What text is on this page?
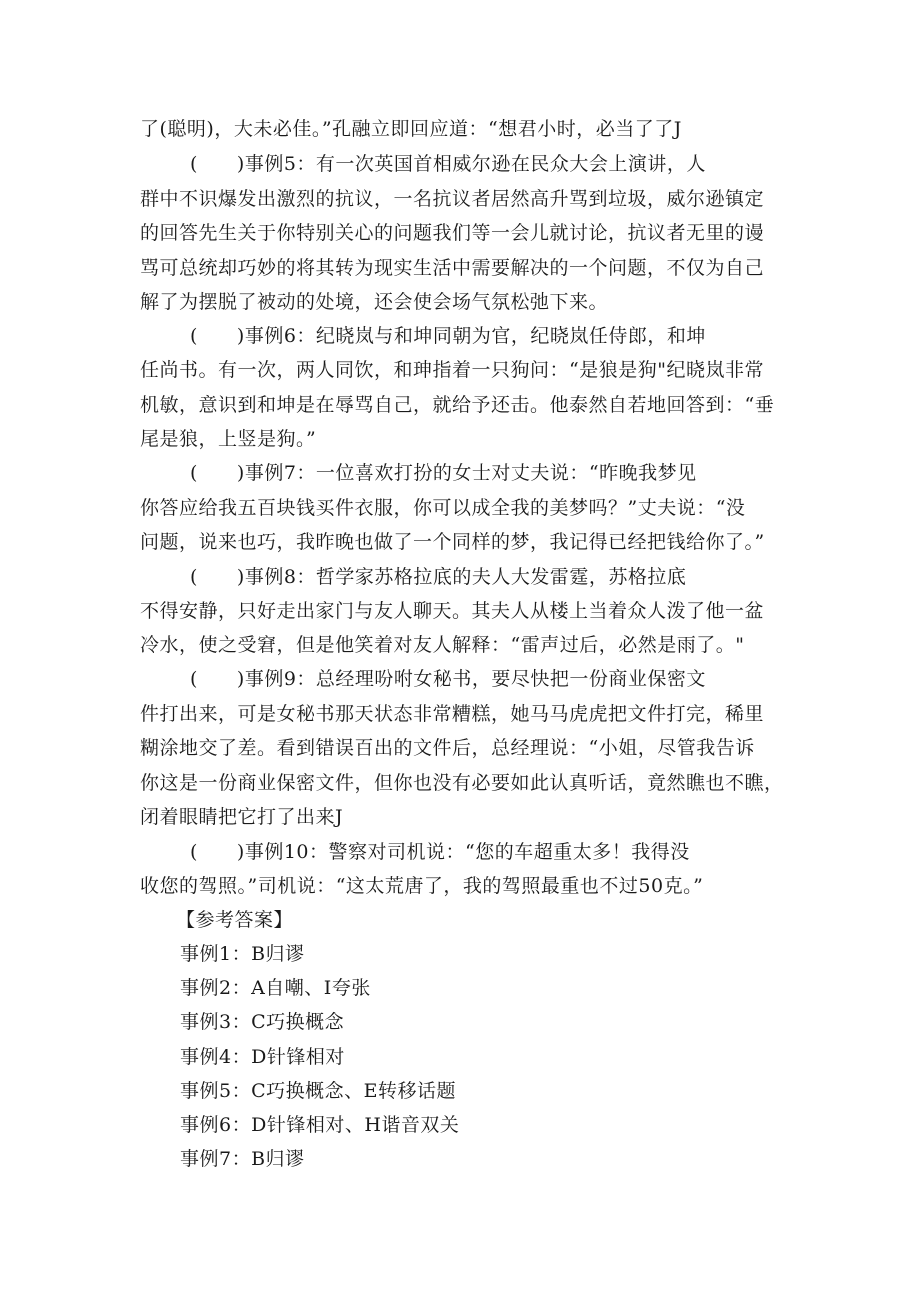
了(聪明)，大未必佳。”孔融立即回应道：“想君小时，必当了了J
(　　)事例5：有一次英国首相威尔逊在民众大会上演讲，人
群中不识爆发出激烈的抗议，一名抗议者居然高升骂到垃圾，威尔逊镇定
的回答先生关于你特别关心的问题我们等一会儿就讨论，抗议者无里的谩
骂可总统却巧妙的将其转为现实生活中需要解决的一个问题，不仅为自己
解了为摆脱了被动的处境，还会使会场气氛松弛下来。
(　　)事例6：纪晓岚与和坤同朝为官，纪晓岚任侍郎，和坤
任尚书。有一次，两人同饮，和珅指着一只狗问：“是狼是狗"纪晓岚非常
机敏，意识到和坤是在辱骂自己，就给予还击。他泰然自若地回答到：“垂
尾是狼，上竖是狗。”
(　　)事例7：一位喜欢打扮的女士对丈夫说：“昨晚我梦见
你答应给我五百块钱买件衣服，你可以成全我的美梦吗？”丈夫说：“没
问题，说来也巧，我昨晚也做了一个同样的梦，我记得已经把钱给你了。”
(　　)事例8：哲学家苏格拉底的夫人大发雷霆，苏格拉底
不得安静，只好走出家门与友人聊天。其夫人从楼上当着众人泼了他一盆
冷水，使之受窘，但是他笑着对友人解释：“雷声过后，必然是雨了。"
(　　)事例9：总经理吩咐女秘书，要尽快把一份商业保密文
件打出来，可是女秘书那天状态非常糟糕，她马马虎虎把文件打完，稀里
糊涂地交了差。看到错误百出的文件后，总经理说：“小姐，尽管我告诉
你这是一份商业保密文件，但你也没有必要如此认真听话，竟然瞧也不瞧，
闭着眼睛把它打了出来J
(　　)事例10：警察对司机说：“您的车超重太多！我得没
收您的驾照。”司机说：“这太荒唐了，我的驾照最重也不过50克。”
【参考答案】
事例1：B归谬
事例2：A自嘲、I夸张
事例3：C巧换概念
事例4：D针锋相对
事例5：C巧换概念、E转移话题
事例6：D针锋相对、H谐音双关
事例7：B归谬
